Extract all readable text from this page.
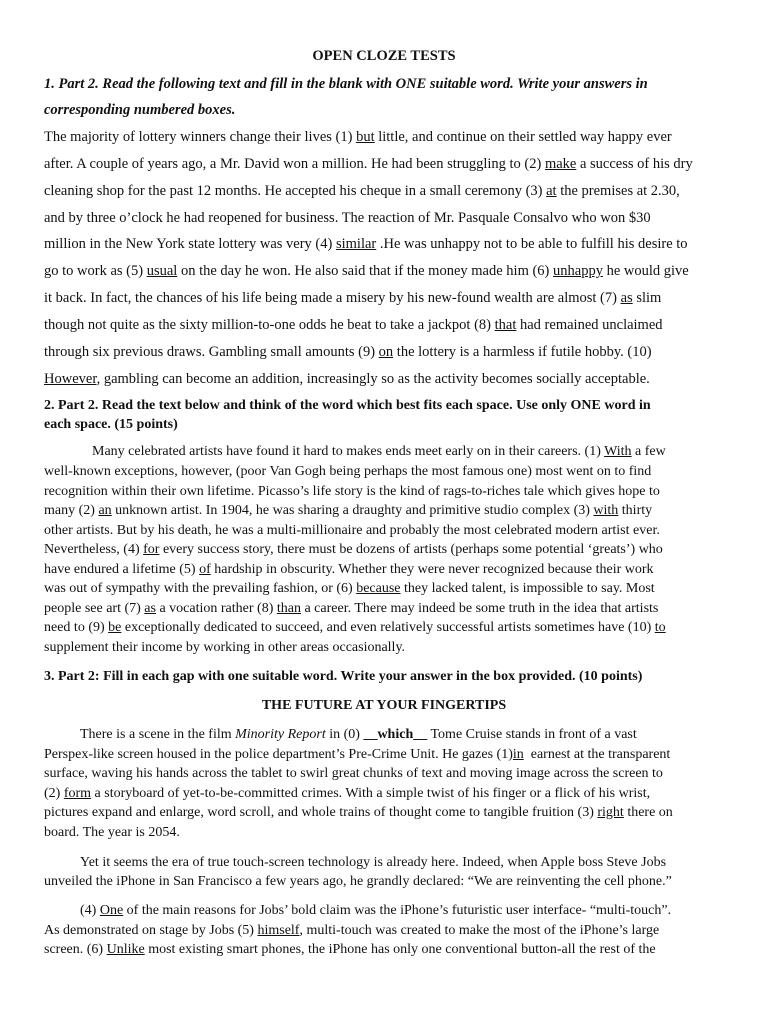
OPEN CLOZE TESTS
1. Part 2. Read the following text and fill in the blank with ONE suitable word. Write your answers in
corresponding numbered boxes.
The majority of lottery winners change their lives (1) but little, and continue on their settled way happy ever
after. A couple of years ago, a Mr. David won a million. He had been struggling to (2) make a success of his dry
cleaning shop for the past 12 months. He accepted his cheque in a small ceremony (3) at the premises at 2.30,
and by three o’clock he had reopened for business. The reaction of Mr. Pasquale Consalvo who won $30
million in the New York state lottery was very (4) similar .He was unhappy not to be able to fulfill his desire to
go to work as (5) usual on the day he won. He also said that if the money made him (6) unhappy he would give
it back. In fact, the chances of his life being made a misery by his new-found wealth are almost (7) as slim
though not quite as the sixty million-to-one odds he beat to take a jackpot (8) that had remained unclaimed
through six previous draws. Gambling small amounts (9) on the lottery is a harmless if futile hobby. (10)
However, gambling can become an addition, increasingly so as the activity becomes socially acceptable.
2. Part 2. Read the text below and think of the word which best fits each space. Use only ONE word in
each space. (15 points)
Many celebrated artists have found it hard to makes ends meet early on in their careers. (1) With a few
well-known exceptions, however, (poor Van Gogh being perhaps the most famous one) most went on to find
recognition within their own lifetime. Picasso’s life story is the kind of rags-to-riches tale which gives hope to
many (2) an unknown artist. In 1904, he was sharing a draughty and primitive studio complex (3) with thirty
other artists. But by his death, he was a multi-millionaire and probably the most celebrated modern artist ever.
Nevertheless, (4) for every success story, there must be dozens of artists (perhaps some potential ‘greats’) who
have endured a lifetime (5) of hardship in obscurity. Whether they were never recognized because their work
was out of sympathy with the prevailing fashion, or (6) because they lacked talent, is impossible to say. Most
people see art (7) as a vocation rather (8) than a career. There may indeed be some truth in the idea that artists
need to (9) be exceptionally dedicated to succeed, and even relatively successful artists sometimes have (10) to
supplement their income by working in other areas occasionally.
3. Part 2: Fill in each gap with one suitable word. Write your answer in the box provided. (10 points)
THE FUTURE AT YOUR FINGERTIPS
There is a scene in the film Minority Report in (0) __which__ Tome Cruise stands in front of a vast
Perspex-like screen housed in the police department’s Pre-Crime Unit. He gazes (1)in  earnest at the transparent
surface, waving his hands across the tablet to swirl great chunks of text and moving image across the screen to
(2) form a storyboard of yet-to-be-committed crimes. With a simple twist of his finger or a flick of his wrist,
pictures expand and enlarge, word scroll, and whole trains of thought come to tangible fruition (3) right there on
board. The year is 2054.
Yet it seems the era of true touch-screen technology is already here. Indeed, when Apple boss Steve Jobs
unveiled the iPhone in San Francisco a few years ago, he grandly declared: “We are reinventing the cell phone.”
(4) One of the main reasons for Jobs’ bold claim was the iPhone’s futuristic user interface- “multi-touch”.
As demonstrated on stage by Jobs (5) himself, multi-touch was created to make the most of the iPhone’s large
screen. (6) Unlike most existing smart phones, the iPhone has only one conventional button-all the rest of the
